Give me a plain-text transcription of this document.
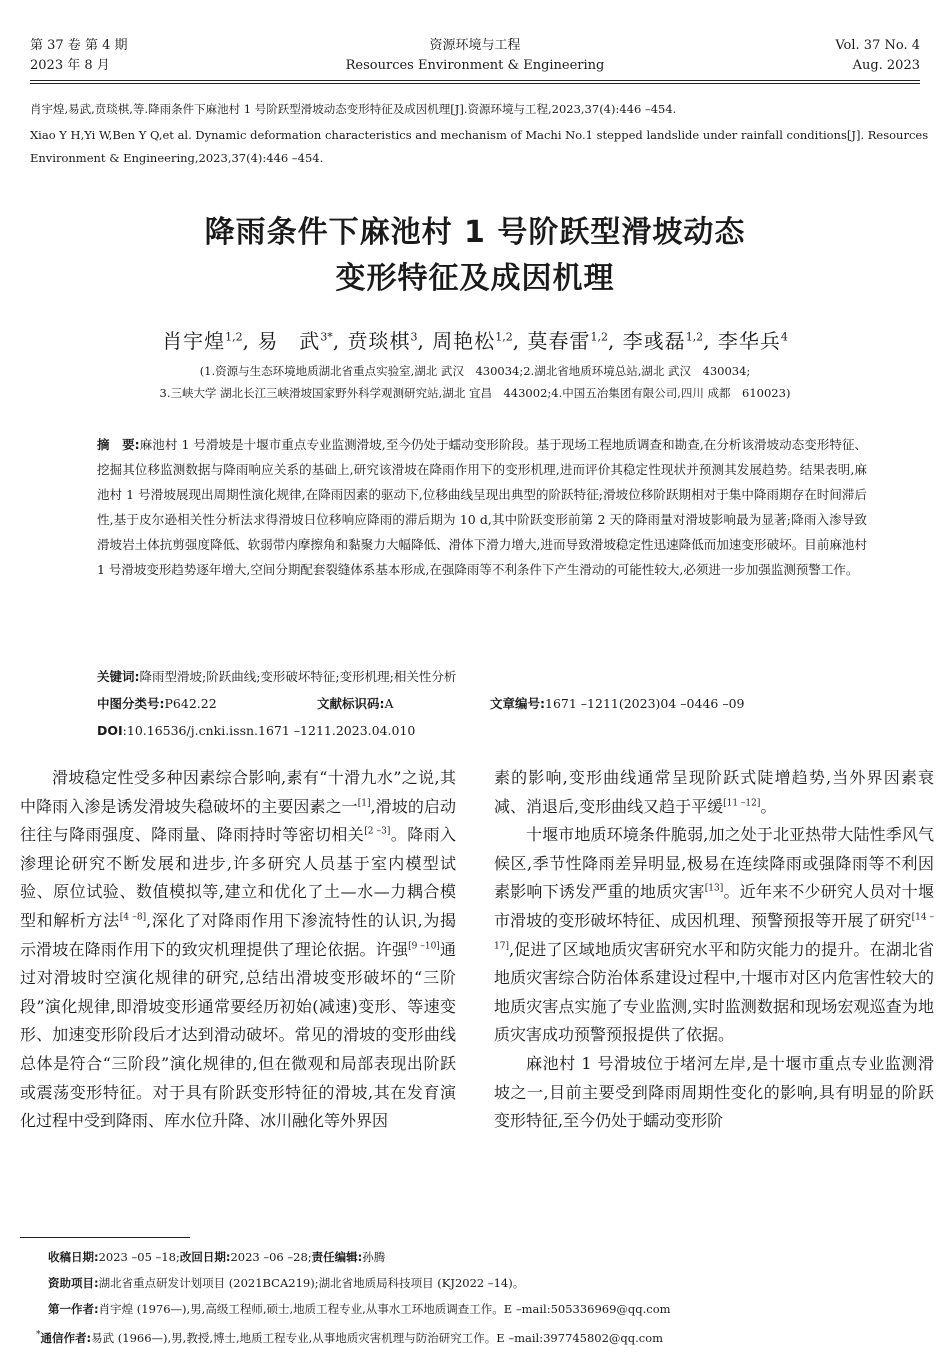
第 37 卷 第 4 期
2023 年 8 月
资源环境与工程
Resources Environment & Engineering
Vol. 37 No. 4
Aug. 2023
肖宇煌,易武,贲琰棋,等.降雨条件下麻池村 1 号阶跃型滑坡动态变形特征及成因机理[J].资源环境与工程,2023,37(4):446 –454.
Xiao Y H,Yi W,Ben Y Q,et al. Dynamic deformation characteristics and mechanism of Machi No.1 stepped landslide under rainfall conditions[J]. Resources
Environment & Engineering,2023,37(4):446 –454.
降雨条件下麻池村 1 号阶跃型滑坡动态
变形特征及成因机理
肖宇煌$^{1,2}$, 易　武$^{3*}$, 贲琰棋$^3$, 周艳松$^{1,2}$, 莫春雷$^{1,2}$, 李彧磊$^{1,2}$, 李华兵$^4$
(1.资源与生态环境地质湖北省重点实验室,湖北 武汉　430034;2.湖北省地质环境总站,湖北 武汉　430034;
3.三峡大学 湖北长江三峡滑坡国家野外科学观测研究站,湖北 宜昌　443002;4.中国五冶集团有限公司,四川 成都　610023)
摘　要:麻池村 1 号滑坡是十堰市重点专业监测滑坡,至今仍处于蠕动变形阶段。基于现场工程地质调查和勘查,在分析该滑坡动态变形特征、挖掘其位移监测数据与降雨响应关系的基础上,研究该滑坡在降雨作用下的变形机理,进而评价其稳定性现状并预测其发展趋势。结果表明,麻池村 1 号滑坡展现出周期性演化规律,在降雨因素的驱动下,位移曲线呈现出典型的阶跃特征;滑坡位移阶跃期相对于集中降雨期存在时间滞后性,基于皮尔逊相关性分析法求得滑坡日位移响应降雨的滞后期为 10 d,其中阶跃变形前第 2 天的降雨量对滑坡影响最为显著;降雨入渗导致滑坡岩土体抗剪强度降低、软弱带内摩擦角和黏聚力大幅降低、滑体下滑力增大,进而导致滑坡稳定性迅速降低而加速变形破坏。目前麻池村 1 号滑坡变形趋势逐年增大,空间分期配套裂缝体系基本形成,在强降雨等不利条件下产生滑动的可能性较大,必须进一步加强监测预警工作。
关键词:降雨型滑坡;阶跃曲线;变形破坏特征;变形机理;相关性分析
中图分类号:P642.22	文献标识码:A	文章编号:1671 –1211(2023)04 –0446 –09
DOI:10.16536/j.cnki.issn.1671 –1211.2023.04.010

滑坡稳定性受多种因素综合影响,素有“十滑九水”之说,其中降雨入渗是诱发滑坡失稳破坏的主要因素之一[1],滑坡的启动往往与降雨强度、降雨量、降雨持时等密切相关[2 –3]。降雨入渗理论研究不断发展和进步,许多研究人员基于室内模型试验、原位试验、数值模拟等,建立和优化了土—水—力耦合模型和解析方法[4 –8],深化了对降雨作用下渗流特性的认识,为揭示滑坡在降雨作用下的致灾机理提供了理论依据。许强[9 –10]通过对滑坡时空演化规律的研究,总结出滑坡变形破坏的“三阶段”演化规律,即滑坡变形通常要经历初始(减速)变形、等速变形、加速变形阶段后才达到滑动破坏。常见的滑坡的变形曲线总体是符合“三阶段”演化规律的,但在微观和局部表现出阶跃或震荡变形特征。对于具有阶跃变形特征的滑坡,其在发育演化过程中受到降雨、库水位升降、冰川融化等外界因

素的影响,变形曲线通常呈现阶跃式陡增趋势,当外界因素衰减、消退后,变形曲线又趋于平缓[11 –12]。

十堰市地质环境条件脆弱,加之处于北亚热带大陆性季风气候区,季节性降雨差异明显,极易在连续降雨或强降雨等不利因素影响下诱发严重的地质灾害[13]。近年来不少研究人员对十堰市滑坡的变形破坏特征、成因机理、预警预报等开展了研究[14 –17],促进了区域地质灾害研究水平和防灾能力的提升。在湖北省地质灾害综合防治体系建设过程中,十堰市对区内危害性较大的地质灾害点实施了专业监测,实时监测数据和现场宏观巡查为地质灾害成功预警预报提供了依据。

麻池村 1 号滑坡位于堵河左岸,是十堰市重点专业监测滑坡之一,目前主要受到降雨周期性变化的影响,具有明显的阶跃变形特征,至今仍处于蠕动变形阶

收稿日期:2023 –05 –18;改回日期:2023 –06 –28;责任编辑:孙腾
资助项目:湖北省重点研发计划项目 (2021BCA219);湖北省地质局科技项目 (KJ2022 –14)。
第一作者:肖宇煌 (1976—),男,高级工程师,硕士,地质工程专业,从事水工环地质调查工作。E –mail:505336969@qq.com
*通信作者:易武 (1966—),男,教授,博士,地质工程专业,从事地质灾害机理与防治研究工作。E –mail:397745802@qq.com
